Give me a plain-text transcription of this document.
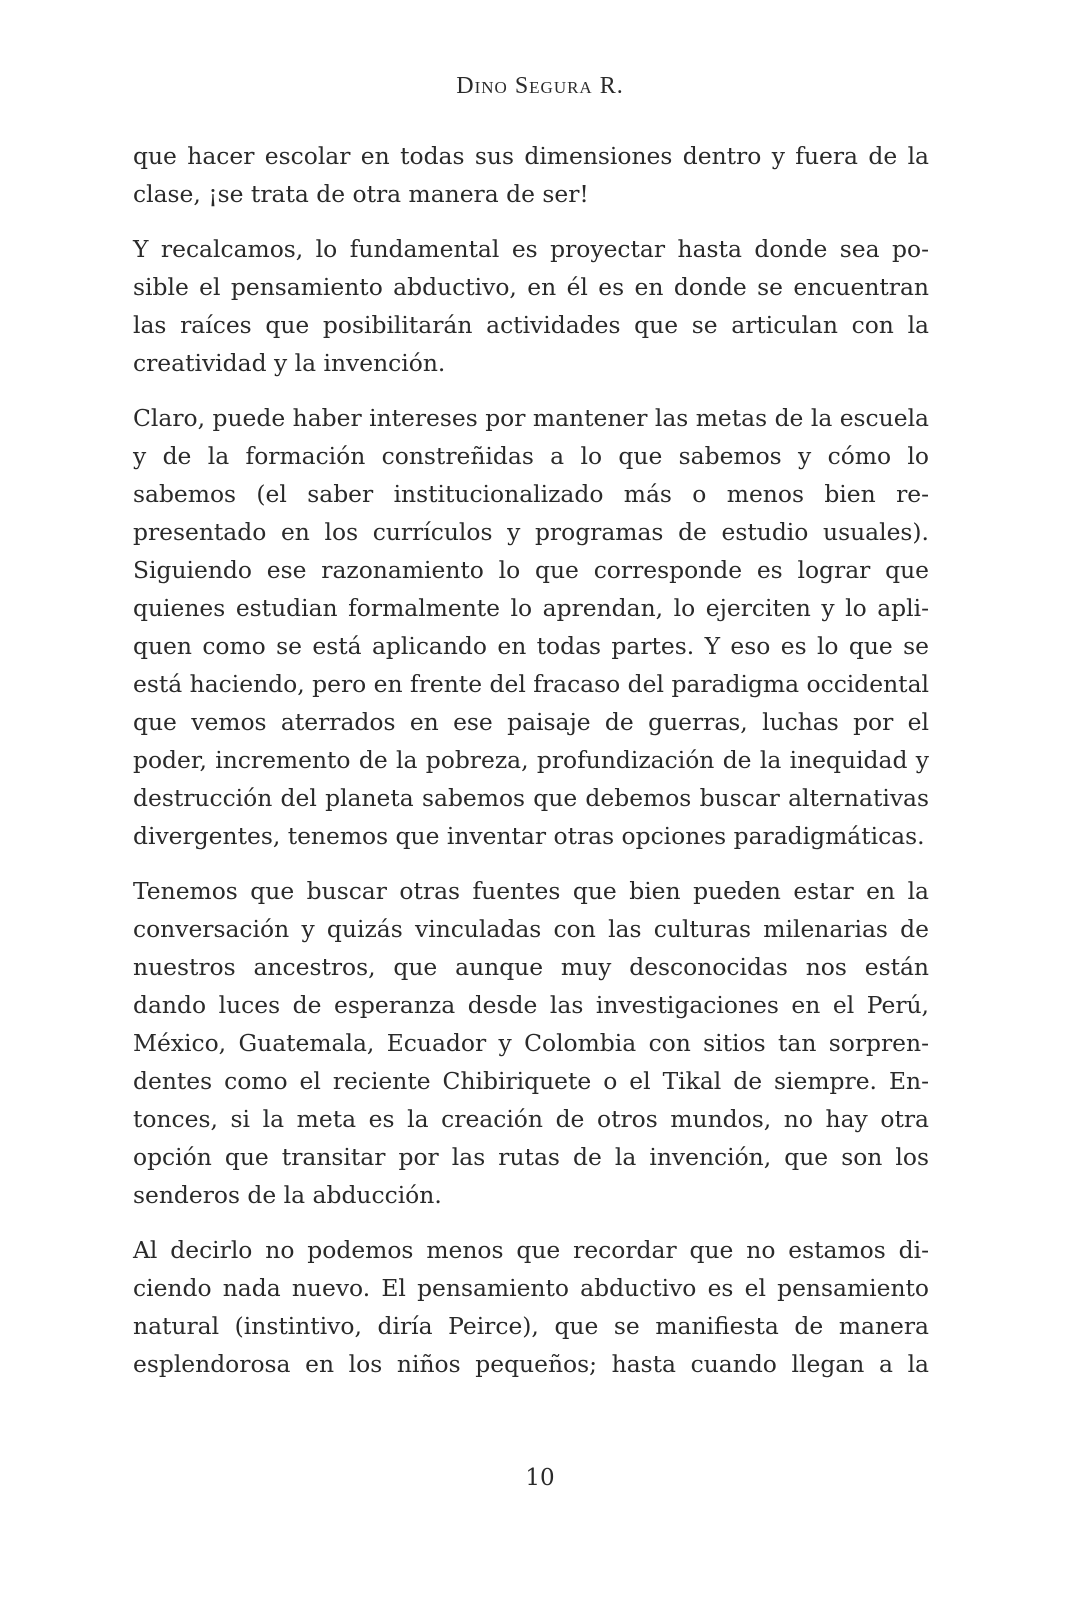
Dino Segura R.

que hacer escolar en todas sus dimensiones dentro y fuera de la clase, ¡se trata de otra manera de ser!

Y recalcamos, lo fundamental es proyectar hasta donde sea posible el pensamiento abductivo, en él es en donde se encuentran las raíces que posibilitarán actividades que se articulan con la creatividad y la invención.

Claro, puede haber intereses por mantener las metas de la escuela y de la formación constreñidas a lo que sabemos y cómo lo sabemos (el saber institucionalizado más o menos bien representado en los currículos y programas de estudio usuales). Siguiendo ese razonamiento lo que corresponde es lograr que quienes estudian formalmente lo aprendan, lo ejerciten y lo apliquen como se está aplicando en todas partes. Y eso es lo que se está haciendo, pero en frente del fracaso del paradigma occidental que vemos aterrados en ese paisaje de guerras, luchas por el poder, incremento de la pobreza, profundización de la inequidad y destrucción del planeta sabemos que debemos buscar alternativas divergentes, tenemos que inventar otras opciones paradigmáticas.

Tenemos que buscar otras fuentes que bien pueden estar en la conversación y quizás vinculadas con las culturas milenarias de nuestros ancestros, que aunque muy desconocidas nos están dando luces de esperanza desde las investigaciones en el Perú, México, Guatemala, Ecuador y Colombia con sitios tan sorprendentes como el reciente Chibiriquete o el Tikal de siempre. Entonces, si la meta es la creación de otros mundos, no hay otra opción que transitar por las rutas de la invención, que son los senderos de la abducción.

Al decirlo no podemos menos que recordar que no estamos diciendo nada nuevo. El pensamiento abductivo es el pensamiento natural (instintivo, diría Peirce), que se manifiesta de manera esplendorosa en los niños pequeños; hasta cuando llegan a la

10
